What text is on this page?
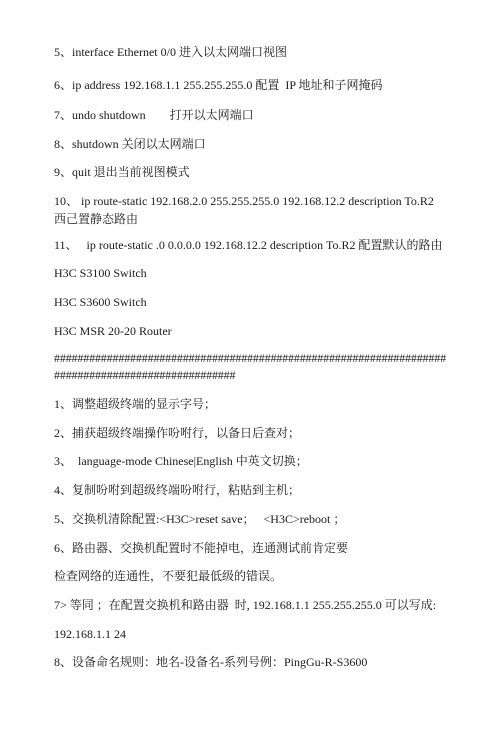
5、interface Ethernet 0/0 进入以太网端口视图
6、ip address 192.168.1.1 255.255.255.0 配置  IP 地址和子网掩码
7、undo shutdown        打开以太网端口
8、shutdown 关闭以太网端口
9、quit 退出当前视图模式
10、 ip route-static 192.168.2.0 255.255.255.0 192.168.12.2 description To.R2 西己置静态路由
11、   ip route-static .0 0.0.0.0 192.168.12.2 description To.R2 配置默认的路由
H3C S3100 Switch
H3C S3600 Switch
H3C MSR 20-20 Router
##################################################################################################
1、调整超级终端的显示字号；
2、捕获超级终端操作吩咐行，以备日后查对；
3、  language-mode Chinese|English 中英文切换；
4、复制吩咐到超级终端吩咐行，粘贴到主机；
5、交换机清除配置:<H3C>reset save；   <H3C>reboot ；
6、路由器、交换机配置时不能掉电，连通测试前肯定要
检查网络的连通性，不要犯最低级的错误。
7> 等同 ；在配置交换机和路由器  时, 192.168.1.1 255.255.255.0 可以写成:
192.168.1.1 24
8、设备命名规则：地名-设备名-系列号例：PingGu-R-S3600
